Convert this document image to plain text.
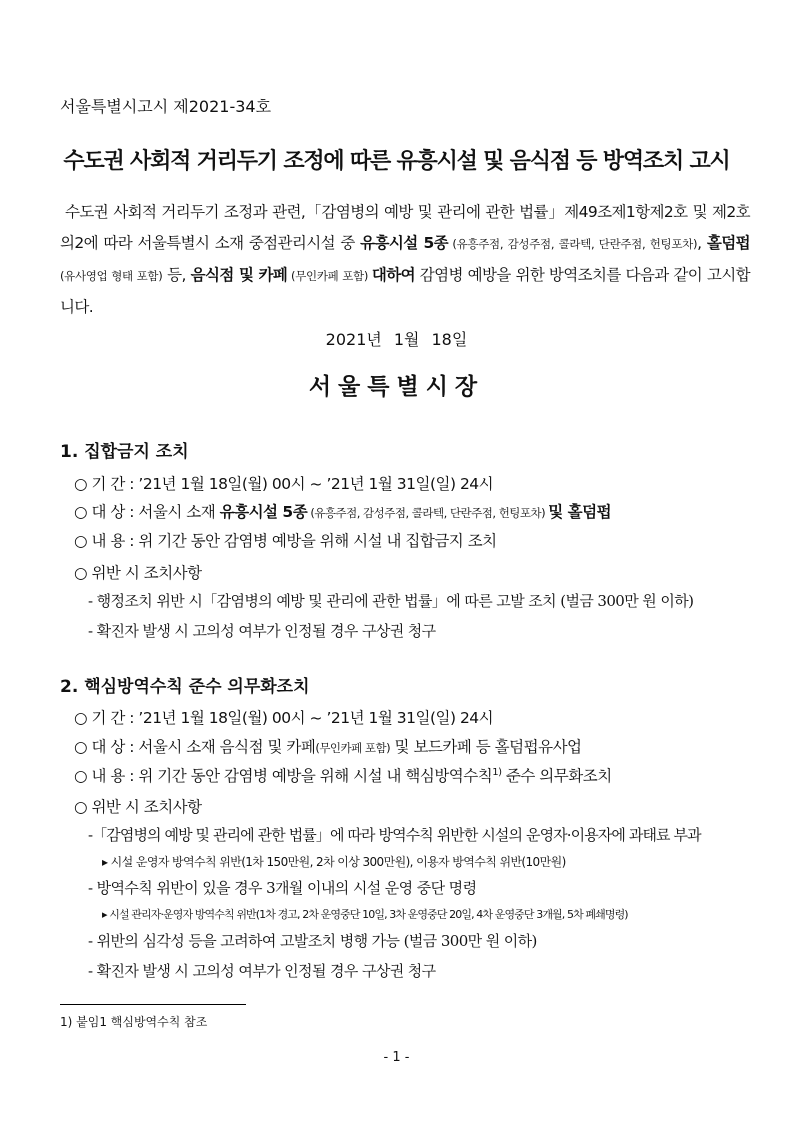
서울특별시고시 제2021-34호
수도권 사회적 거리두기 조정에 따른 유흥시설 및 음식점 등 방역조치 고시
수도권 사회적 거리두기 조정과 관련,「감염병의 예방 및 관리에 관한 법률」제49조제1항제2호 및 제2호의2에 따라 서울특별시 소재 중점관리시설 중 유흥시설 5종 (유흥주점, 감성주점, 콜라텍, 단란주점, 헌팅포차), 홀덤펍(유사영업 형태 포함) 등, 음식점 및 카페 (무인카페 포함) 대하여 감염병 예방을 위한 방역조치를 다음과 같이 고시합니다.
2021년 1월 18일
서울특별시장
1. 집합금지 조치
○ 기 간 : ’21년 1월 18일(월) 00시 ~ ’21년 1월 31일(일) 24시
○ 대 상 : 서울시 소재 유흥시설 5종 (유흥주점, 감성주점, 콜라텍, 단란주점, 헌팅포차) 및 홀덤펍
○ 내 용 : 위 기간 동안 감염병 예방을 위해 시설 내 집합금지 조치
○ 위반 시 조치사항
- 행정조치 위반 시「감염병의 예방 및 관리에 관한 법률」에 따른 고발 조치 (벌금 300만 원 이하)
- 확진자 발생 시 고의성 여부가 인정될 경우 구상권 청구
2. 핵심방역수칙 준수 의무화조치
○ 기 간 : ’21년 1월 18일(월) 00시 ~ ’21년 1월 31일(일) 24시
○ 대 상 : 서울시 소재 음식점 및 카페(무인카페 포함) 및 보드카페 등 홀덤펍유사업
○ 내 용 : 위 기간 동안 감염병 예방을 위해 시설 내 핵심방역수칙$^{1)}$ 준수 의무화조치
○ 위반 시 조치사항
-「감염병의 예방 및 관리에 관한 법률」에 따라 방역수칙 위반한 시설의 운영자·이용자에 과태료 부과
▸ 시설 운영자 방역수칙 위반(1차 150만원, 2차 이상 300만원), 이용자 방역수칙 위반(10만원)
- 방역수칙 위반이 있을 경우 3개월 이내의 시설 운영 중단 명령
▸ 시설 관리자·운영자 방역수칙 위반(1차 경고, 2차 운영중단 10일, 3차 운영중단 20일, 4차 운영중단 3개월, 5차 폐쇄명령)
- 위반의 심각성 등을 고려하여 고발조치 병행 가능 (벌금 300만 원 이하)
- 확진자 발생 시 고의성 여부가 인정될 경우 구상권 청구
1) 붙임1 핵심방역수칙 참조
- 1 -
